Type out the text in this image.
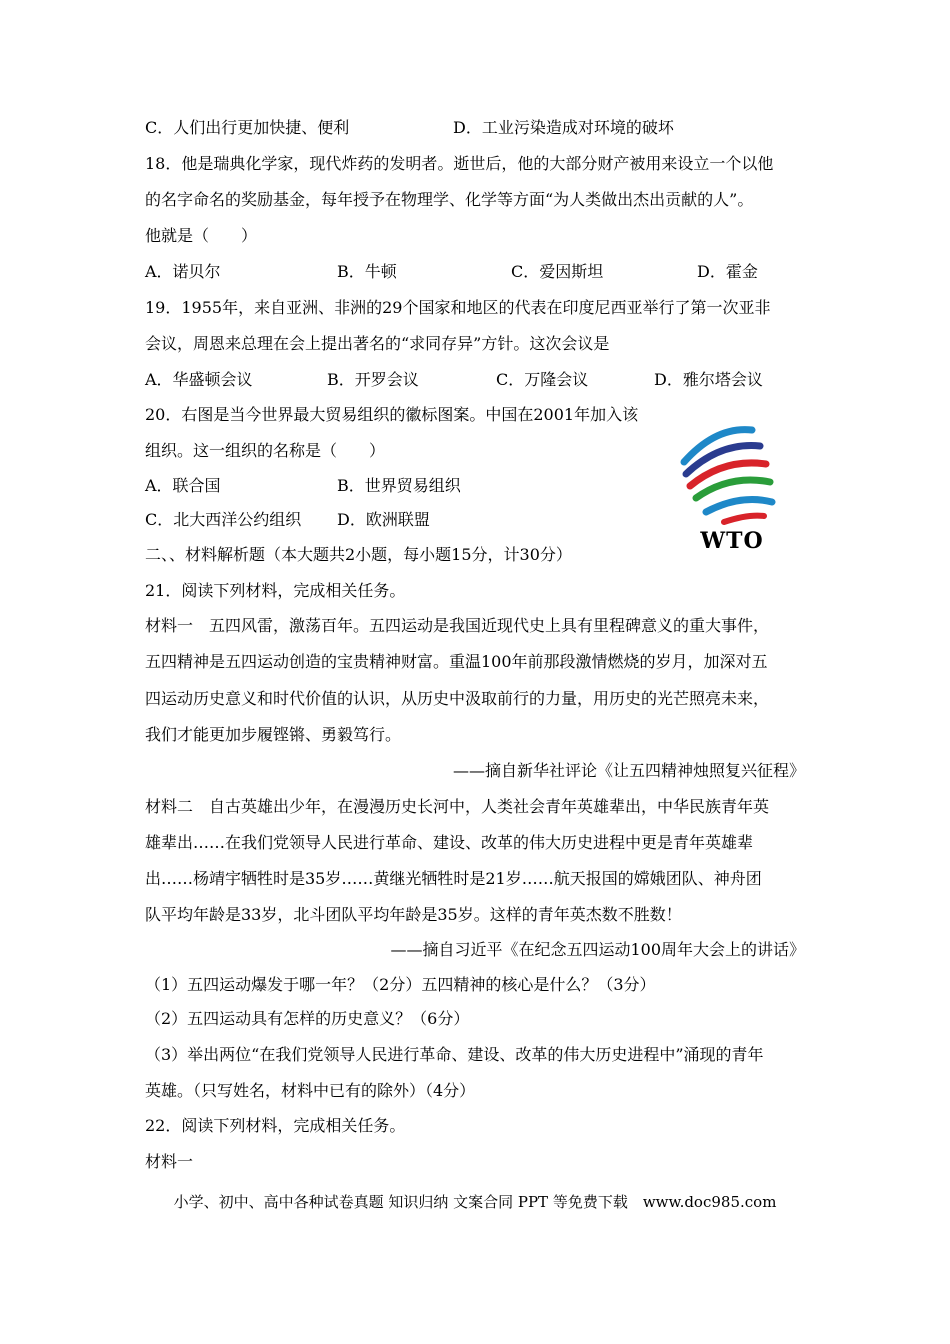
C．人们出行更加快捷、便利	D．工业污染造成对环境的破坏
18．他是瑞典化学家，现代炸药的发明者。逝世后，他的大部分财产被用来设立一个以他
的名字命名的奖励基金，每年授予在物理学、化学等方面“为人类做出杰出贡献的人”。
他就是（　　）
A．诺贝尔	B．牛顿	C．爱因斯坦	D．霍金
19．1955年，来自亚洲、非洲的29个国家和地区的代表在印度尼西亚举行了第一次亚非
会议，周恩来总理在会上提出著名的“求同存异”方针。这次会议是
A．华盛顿会议	B．开罗会议	C．万隆会议	D．雅尔塔会议
20．右图是当今世界最大贸易组织的徽标图案。中国在2001年加入该
组织。这一组织的名称是（　　）
A．联合国	B．世界贸易组织
C．北大西洋公约组织 D．欧洲联盟
WTO
二、、材料解析题（本大题共2小题，每小题15分，计30分）
21．阅读下列材料，完成相关任务。
材料一　五四风雷，激荡百年。五四运动是我国近现代史上具有里程碑意义的重大事件，
五四精神是五四运动创造的宝贵精神财富。重温100年前那段激情燃烧的岁月，加深对五
四运动历史意义和时代价值的认识，从历史中汲取前行的力量，用历史的光芒照亮未来，
我们才能更加步履铿锵、勇毅笃行。
——摘自新华社评论《让五四精神烛照复兴征程》
材料二　自古英雄出少年，在漫漫历史长河中，人类社会青年英雄辈出，中华民族青年英
雄辈出……在我们党领导人民进行革命、建设、改革的伟大历史进程中更是青年英雄辈
出……杨靖宇牺牲时是35岁……黄继光牺牲时是21岁……航天报国的嫦娥团队、神舟团
队平均年龄是33岁，北斗团队平均年龄是35岁。这样的青年英杰数不胜数！
——摘自习近平《在纪念五四运动100周年大会上的讲话》
（1）五四运动爆发于哪一年？（2分）五四精神的核心是什么？（3分）
（2）五四运动具有怎样的历史意义？（6分）
（3）举出两位“在我们党领导人民进行革命、建设、改革的伟大历史进程中”涌现的青年
英雄。（只写姓名，材料中已有的除外）（4分）
22．阅读下列材料，完成相关任务。
材料一
小学、初中、高中各种试卷真题 知识归纳 文案合同 PPT 等免费下载　www.doc985.com
